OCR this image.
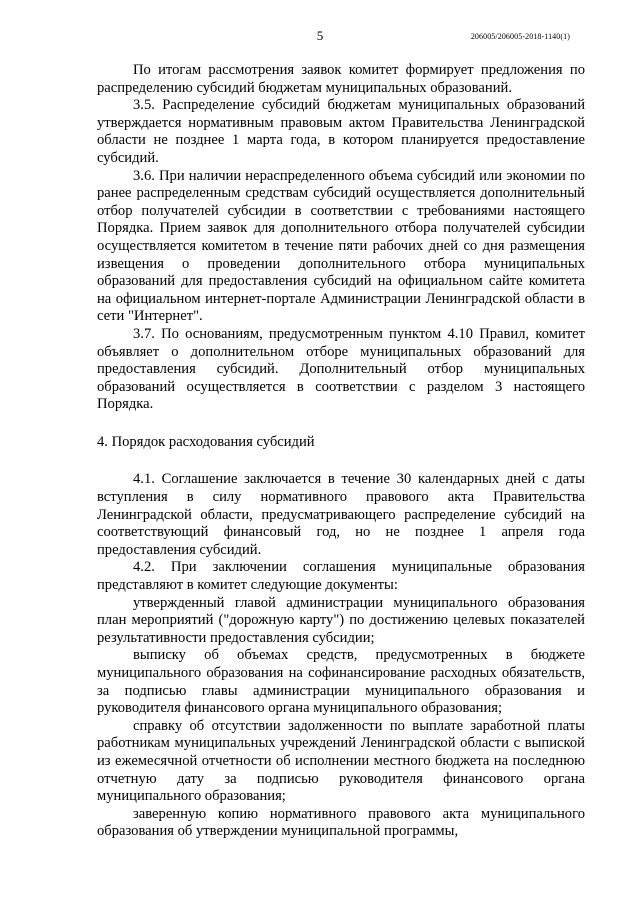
5	206005/206005-2018-1140(1)

По итогам рассмотрения заявок комитет формирует предложения по распределению субсидий бюджетам муниципальных образований.

3.5. Распределение субсидий бюджетам муниципальных образований утверждается нормативным правовым актом Правительства Ленинградской области не позднее 1 марта года, в котором планируется предоставление субсидий.

3.6. При наличии нераспределенного объема субсидий или экономии по ранее распределенным средствам субсидий осуществляется дополнительный отбор получателей субсидии в соответствии с требованиями настоящего Порядка. Прием заявок для дополнительного отбора получателей субсидии осуществляется комитетом в течение пяти рабочих дней со дня размещения извещения о проведении дополнительного отбора муниципальных образований для предоставления субсидий на официальном сайте комитета на официальном интернет-портале Администрации Ленинградской области в сети "Интернет".

3.7. По основаниям, предусмотренным пунктом 4.10 Правил, комитет объявляет о дополнительном отборе муниципальных образований для предоставления субсидий. Дополнительный отбор муниципальных образований осуществляется в соответствии с разделом 3 настоящего Порядка.

4. Порядок расходования субсидий

4.1. Соглашение заключается в течение 30 календарных дней с даты вступления в силу нормативного правового акта Правительства Ленинградской области, предусматривающего распределение субсидий на соответствующий финансовый год, но не позднее 1 апреля года предоставления субсидий.

4.2. При заключении соглашения муниципальные образования представляют в комитет следующие документы:

утвержденный главой администрации муниципального образования план мероприятий ("дорожную карту") по достижению целевых показателей результативности предоставления субсидии;

выписку об объемах средств, предусмотренных в бюджете муниципального образования на софинансирование расходных обязательств, за подписью главы администрации муниципального образования и руководителя финансового органа муниципального образования;

справку об отсутствии задолженности по выплате заработной платы работникам муниципальных учреждений Ленинградской области с выпиской из ежемесячной отчетности об исполнении местного бюджета на последнюю отчетную дату за подписью руководителя финансового органа муниципального образования;

заверенную копию нормативного правового акта муниципального образования об утверждении муниципальной программы,
